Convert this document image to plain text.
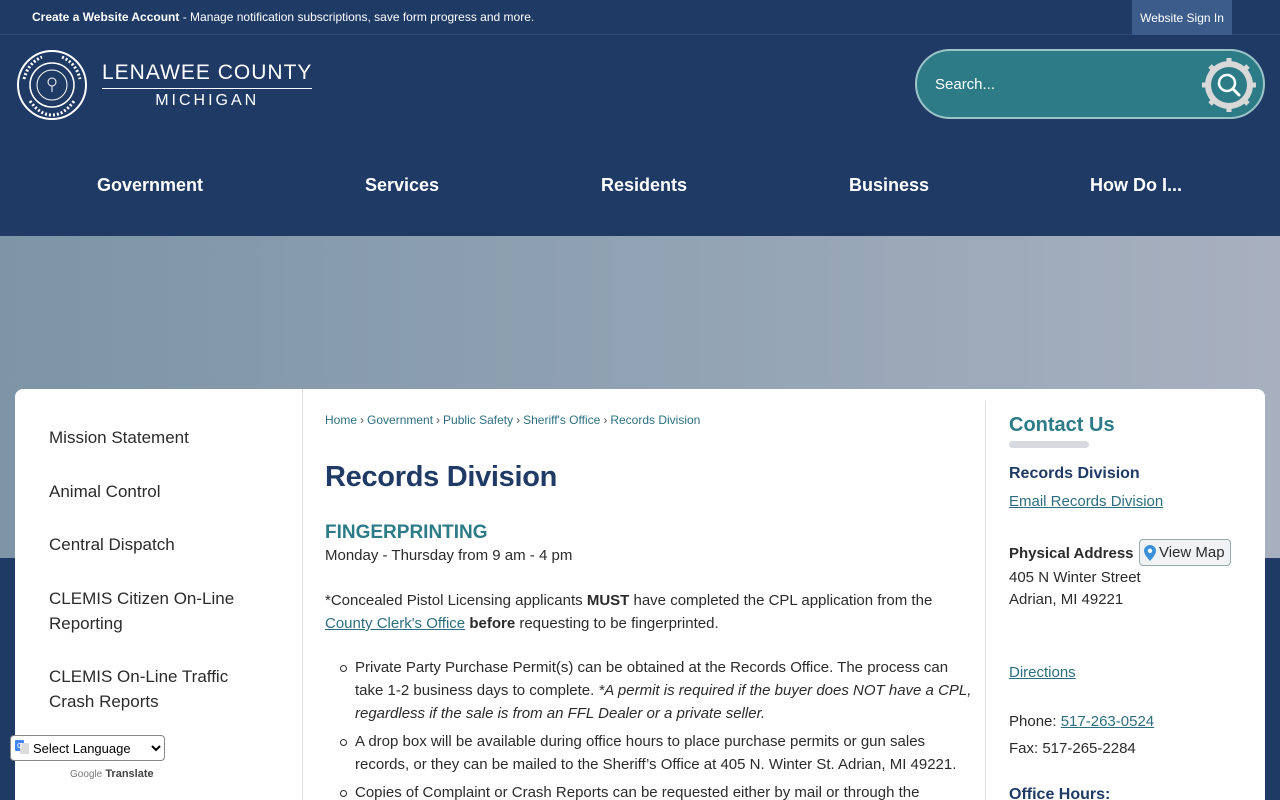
Create a Website Account - Manage notification subscriptions, save form progress and more.	Website Sign In
LENAWEE COUNTY
MICHIGAN
Search...
Government	Services	Residents	Business	How Do I...
Mission Statement
Animal Control
Central Dispatch
CLEMIS Citizen On-Line Reporting
CLEMIS On-Line Traffic Crash Reports
Home › Government › Public Safety › Sheriff's Office › Records Division
Records Division
FINGERPRINTING
Monday - Thursday from 9 am - 4 pm

*Concealed Pistol Licensing applicants MUST have completed the CPL application from the County Clerk's Office before requesting to be fingerprinted.

Private Party Purchase Permit(s) can be obtained at the Records Office. The process can take 1-2 business days to complete. *A permit is required if the buyer does NOT have a CPL, regardless if the sale is from an FFL Dealer or a private seller.
A drop box will be available during office hours to place purchase permits or gun sales records, or they can be mailed to the Sheriff’s Office at 405 N. Winter St. Adrian, MI 49221.
Copies of Complaint or Crash Reports can be requested either by mail or through the
Contact Us
Records Division
Email Records Division
Physical Address View Map
405 N Winter Street
Adrian, MI 49221
Directions
Phone: 517-263-0524
Fax: 517-265-2284
Office Hours:
G
Select Language
Google Translate
